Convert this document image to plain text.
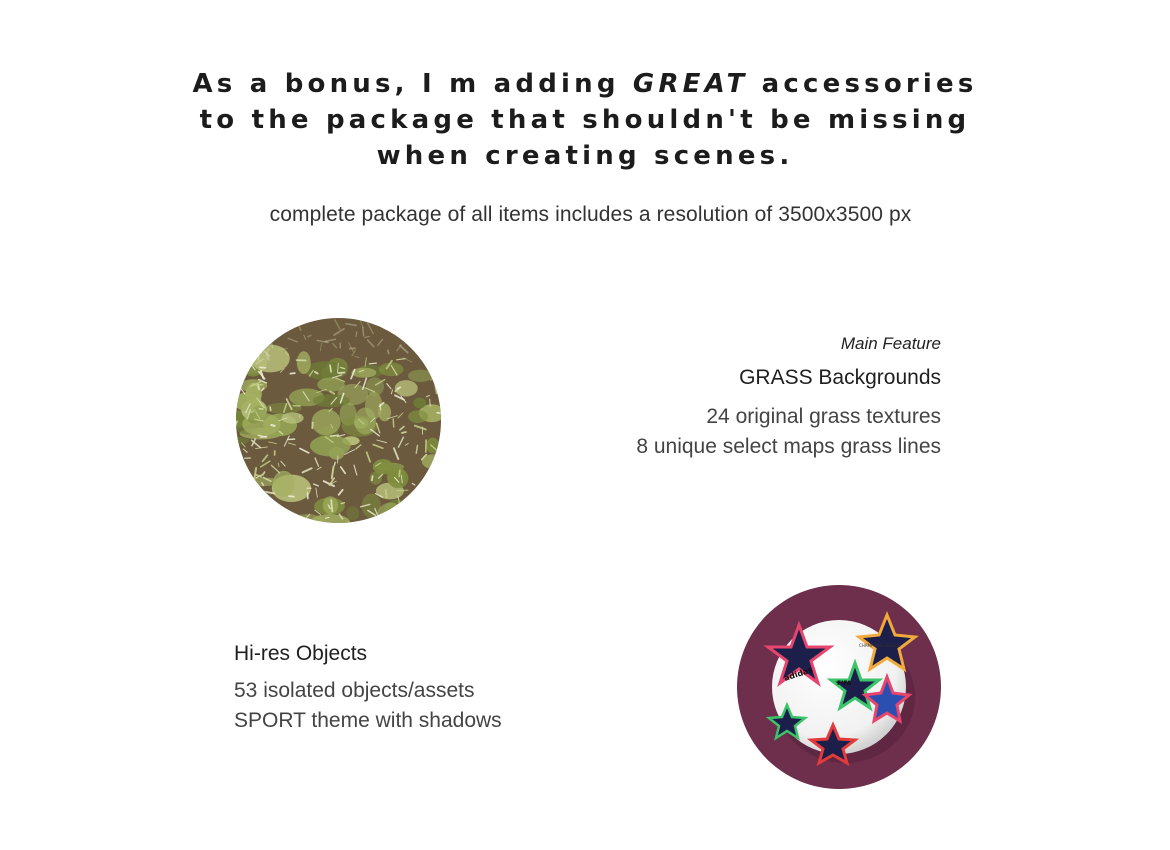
As a bonus, I m adding GREAT accessories
to the package that shouldn't be missing
when creating scenes.
complete package of all items includes a resolution of 3500x3500 px
Main Feature
GRASS Backgrounds
24 original grass textures
8 unique select maps grass lines
Hi-res Objects
53 isolated objects/assets
SPORT theme with shadows
adidas
FIFA
CHAMPIONS LEAGUE
